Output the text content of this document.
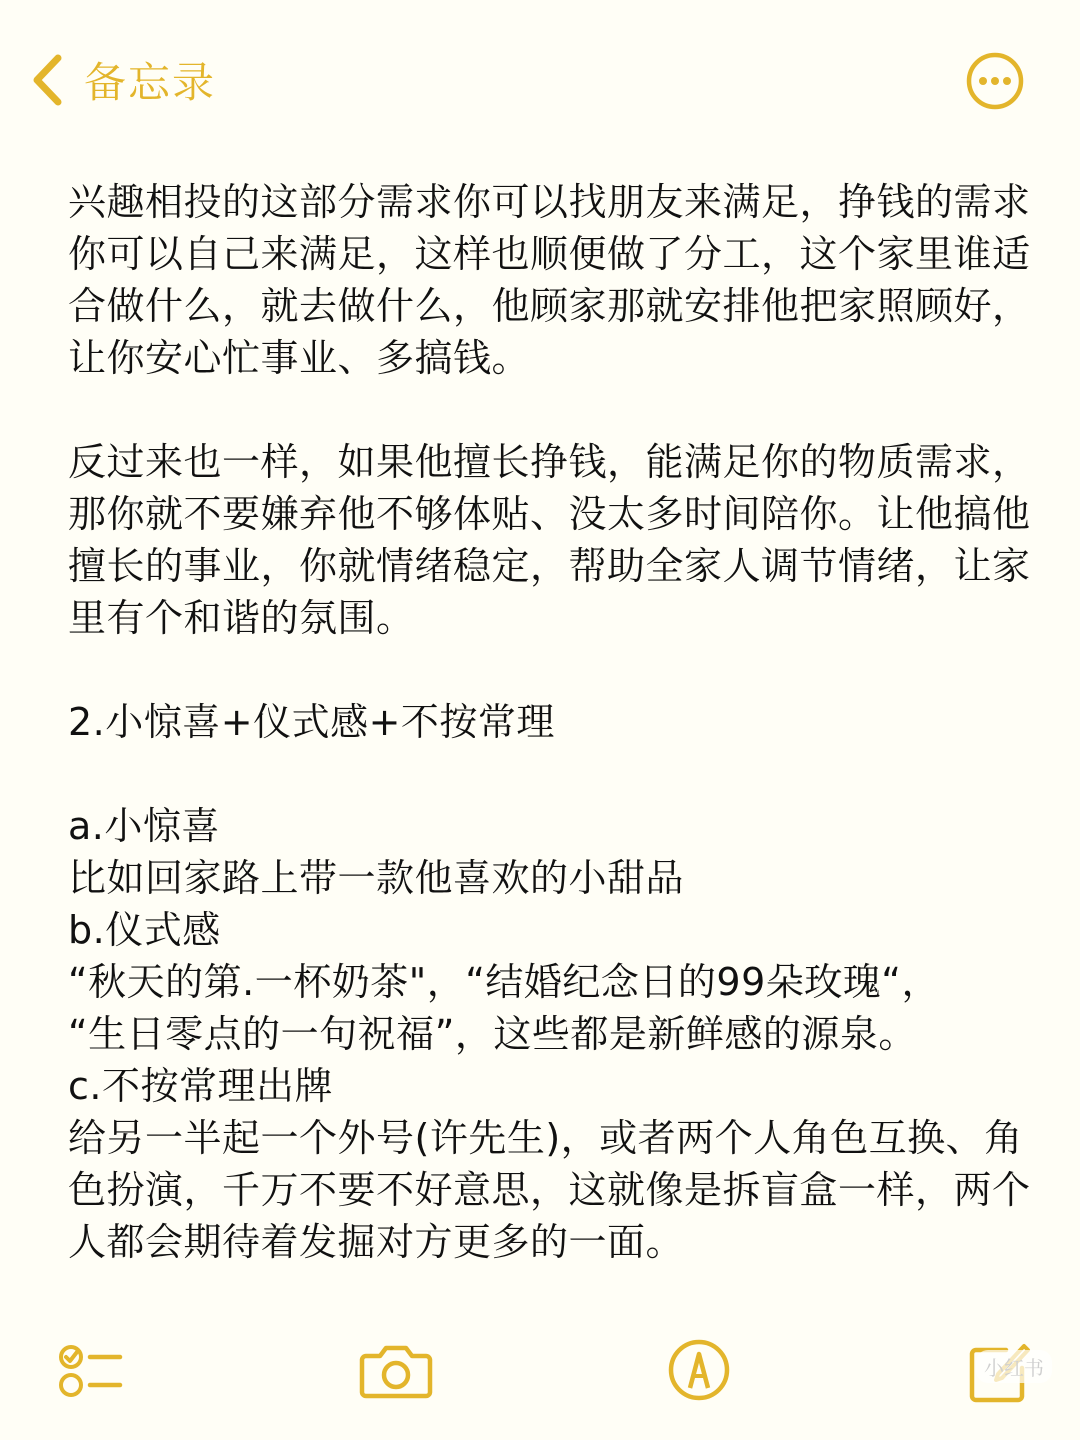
备忘录

兴趣相投的这部分需求你可以找朋友来满足，挣钱的需求你可以自己来满足，这样也顺便做了分工，这个家里谁适合做什么，就去做什么，他顾家那就安排他把家照顾好，让你安心忙事业、多搞钱。

反过来也一样，如果他擅长挣钱，能满足你的物质需求，那你就不要嫌弃他不够体贴、没太多时间陪你。让他搞他擅长的事业，你就情绪稳定，帮助全家人调节情绪，让家里有个和谐的氛围。

2.小惊喜+仪式感+不按常理

a.小惊喜

比如回家路上带一款他喜欢的小甜品

b.仪式感

“秋天的第.一杯奶茶"，“结婚纪念日的99朵玫瑰“，

“生日零点的一句祝福”，这些都是新鲜感的源泉。

c.不按常理出牌

给另一半起一个外号(许先生)，或者两个人角色互换、角色扮演，千万不要不好意思，这就像是拆盲盒一样，两个人都会期待着发掘对方更多的一面。

小红书
